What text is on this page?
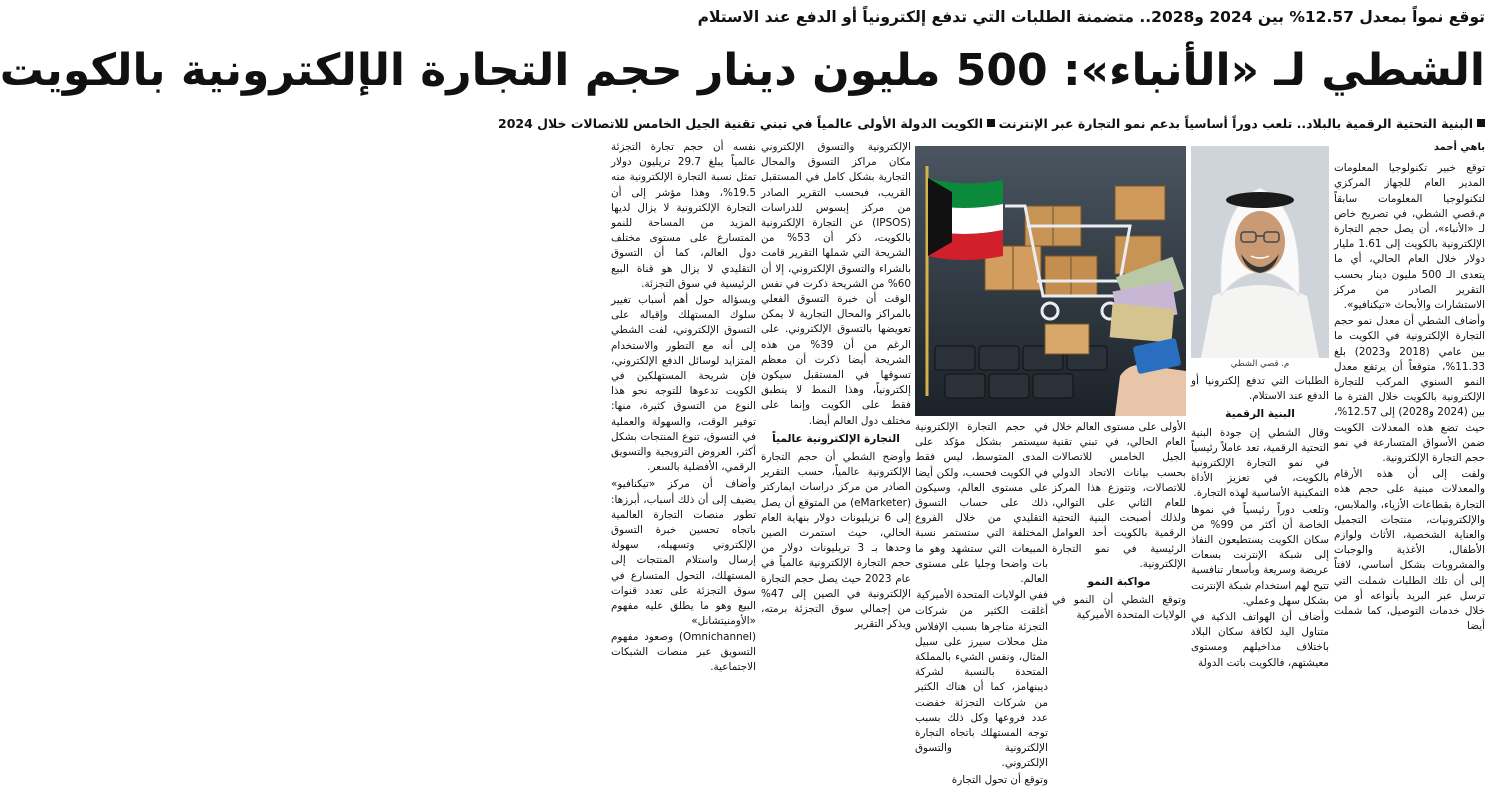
توقع نمواً بمعدل 12.57% بين 2024 و2028.. متضمنة الطلبات التي تدفع إلكترونياً أو الدفع عند الاستلام
الشطي لـ «الأنباء»: 500 مليون دينار حجم التجارة الإلكترونية بالكويت
البنية التحتية الرقمية بالبلاد.. تلعب دوراً أساسياً بدعم نمو التجارة عبر الإنترنت
الكويت الدولة الأولى عالمياً في تبني تقنية الجيل الخامس للاتصالات خلال 2024
باهي أحمد

توقع خبير تكنولوجيا المعلومات المدير العام للجهاز المركزي لتكنولوجيا المعلومات سابقاً م.قصي الشطي، في تصريح خاص لـ «الأنباء»، أن يصل حجم التجارة الإلكترونية بالكويت إلى 1.61 مليار دولار خلال العام الحالي، أي ما يتعدى الـ 500 مليون دينار بحسب التقرير الصادر من مركز الاستشارات والأبحاث «تيكنافيو».

وأضاف الشطي أن معدل نمو حجم التجارة الإلكترونية في الكويت ما بين عامي (2018 و2023) بلغ 11.33%، متوقعاً أن يرتفع معدل النمو السنوي المركب للتجارة الإلكترونية بالكويت خلال الفترة ما بين (2024 و2028) إلى 12.57%، حيث تضع هذه المعدلات الكويت ضمن الأسواق المتسارعة في نمو حجم التجارة الإلكترونية.

ولفت إلى أن هذه الأرقام والمعدلات مبنية على حجم هذه التجارة بقطاعات الأزياء، والملابس، والإلكترونيات، منتجات التجميل والعناية الشخصية، الأثاث ولوازم الأطفال، الأغذية والوجبات والمشروبات بشكل أساسي، لافتاً إلى أن تلك الطلبات شملت التي ترسل عبر البريد بأنواعه أو من خلال خدمات التوصيل، كما شملت أيضا

م. قصي الشطي

الطلبات التي تدفع إلكترونيا أو الدفع عند الاستلام.

البنية الرقمية

وقال الشطي إن جودة البنية التحتية الرقمية، تعد عاملاً رئيسياً في نمو التجارة الإلكترونية بالكويت، في تعزيز الأداة التمكينية الأساسية لهذه التجارة.

وتلعب دوراً رئيسياً في نموها الخاصة أن أكثر من 99% من سكان الكويت يستطيعون النفاذ إلى شبكة الإنترنت بسعات عريضة وسريعة وبأسعار تنافسية تتيح لهم استخدام شبكة الإنترنت بشكل سهل وعملي.

وأضاف أن الهواتف الذكية في متناول اليد لكافة سكان البلاد باختلاف مداخيلهم ومستوى معيشتهم، فالكويت باتت الدولة

الأولى على مستوى العالم خلال العام الحالي، في تبني تقنية الجيل الخامس للاتصالات بحسب بيانات الاتحاد الدولي للاتصالات، وتتوزع هذا المركز للعام الثاني على التوالي، ولذلك أصبحت البنية التحتية الرقمية بالكويت أحد العوامل الرئيسية في نمو التجارة الإلكترونية.

مواكبة النمو

وتوقع الشطي أن النمو في الولايات المتحدة الأميركية

في حجم التجارة الإلكترونية سيستمر بشكل مؤكد على المدى المتوسط، ليس فقط في الكويت فحسب، ولكن أيضا على مستوى العالم، وسيكون ذلك على حساب التسوق التقليدي من خلال الفروع المختلفة التي ستستمر نسبة المبيعات التي ستشهد وهو ما بات واضحا وجليا على مستوى العالم.

ففي الولايات المتحدة الأميركية

أغلقت الكثير من شركات التجزئة متاجرها بسبب الإفلاس مثل محلات سيرز على سبيل المثال، ونفس الشيء بالمملكة المتحدة بالنسبة لشركة ديبنهامز، كما أن هناك الكثير من شركات التجزئة خفضت عدد فروعها وكل ذلك بسبب توجه المستهلك باتجاه التجارة الإلكترونية والتسوق الإلكتروني.

وتوقع أن تحول التجارة

الإلكترونية والتسوق الإلكتروني مكان مراكز التسوق والمحال التجارية بشكل كامل في المستقبل القريب، فبحسب التقرير الصادر من مركز إبسوس للدراسات (IPSOS) عن التجارة الإلكترونية بالكويت، ذكر أن 53% من الشريحة التي شملها التقرير قامت بالشراء والتسوق الإلكتروني، إلا أن 60% من الشريحة ذكرت في نفس الوقت أن خبرة التسوق الفعلي بالمراكز والمحال التجارية لا يمكن تعويضها بالتسوق الإلكتروني. على الرغم من أن 39% من هذه الشريحة أيضا ذكرت أن معظم تسوقها في المستقبل سيكون إلكترونياً، وهذا النمط لا ينطبق فقط على الكويت وإنما على مختلف دول العالم أيضا.

التجارة الإلكترونية عالمياً

وأوضح الشطي أن حجم التجارة الإلكترونية عالمياً، حسب التقرير الصادر من مركز دراسات ايماركتر (eMarketer) من المتوقع أن يصل إلى 6 تريليونات دولار بنهاية العام الحالي، حيث استمرت الصين وحدها بـ 3 تريليونات دولار من حجم التجارة الإلكترونية عالمياً في عام 2023 حيث يصل حجم التجارة الإلكترونية في الصين إلى 47% من إجمالي سوق التجزئة برمته، ويذكر التقرير

نفسه أن حجم تجارة التجزئة عالمياً يبلغ 29.7 تريليون دولار تمثل نسبة التجارة الإلكترونية منه 19.5%، وهذا مؤشر إلى أن التجارة الإلكترونية لا يزال لديها المزيد من المساحة للنمو المتسارع على مستوى مختلف دول العالم، كما أن التسوق التقليدي لا يزال هو قناة البيع الرئيسية في سوق التجزئة.

وبسؤاله حول أهم أسباب تغيير سلوك المستهلك وإقباله على التسوق الإلكتروني، لفت الشطي إلى أنه مع التطور والاستخدام المتزايد لوسائل الدفع الإلكتروني، فإن شريحة المستهلكين في الكويت تدعوها للتوجه نحو هذا النوع من التسوق كثيرة، منها: توفير الوقت، والسهولة والعملية في التسوق، تنوع المنتجات بشكل أكثر، العروض الترويجية والتسويق الرقمي، الأفضلية بالسعر.

وأضاف أن مركز «تيكنافيو» يضيف إلى أن ذلك أسباب، أبرزها: تطور منصات التجارة العالمية باتجاه تحسين خبرة التسوق الإلكتروني وتسهيله، سهولة إرسال واستلام المنتجات إلى المستهلك، التحول المتسارع في سوق التجزئة على تعدد قنوات البيع وهو ما يطلق عليه مفهوم «الأومنيتشانل» (Omnichannel) وصعود مفهوم التسويق عبر منصات الشبكات الاجتماعية.
